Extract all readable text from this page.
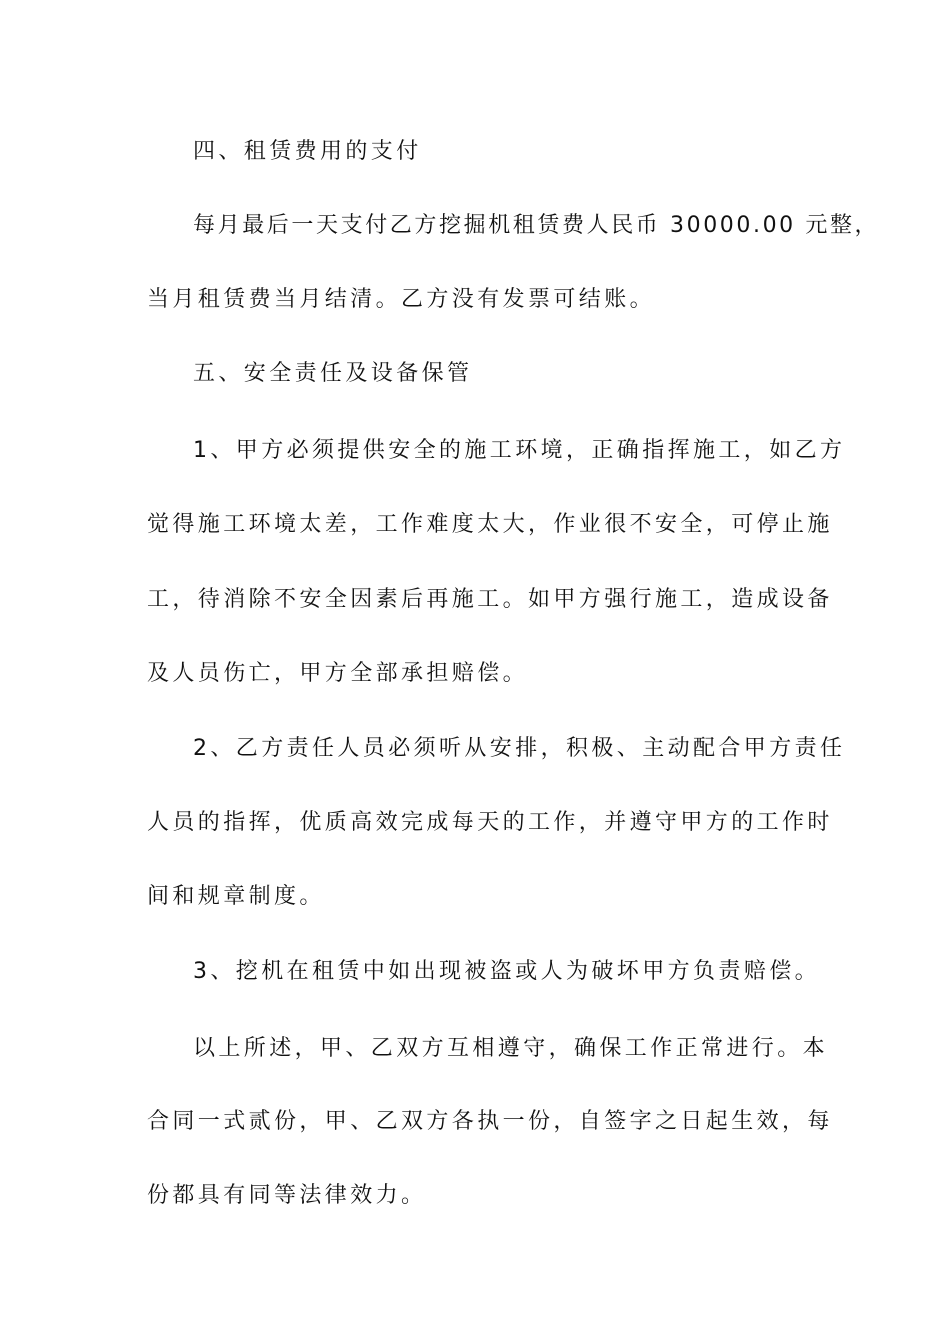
四、租赁费用的支付
每月最后一天支付乙方挖掘机租赁费人民币 30000.00 元整，
当月租赁费当月结清。乙方没有发票可结账。
五、安全责任及设备保管
1、甲方必须提供安全的施工环境，正确指挥施工，如乙方
觉得施工环境太差，工作难度太大，作业很不安全，可停止施
工，待消除不安全因素后再施工。如甲方强行施工，造成设备
及人员伤亡，甲方全部承担赔偿。
2、乙方责任人员必须听从安排，积极、主动配合甲方责任
人员的指挥，优质高效完成每天的工作，并遵守甲方的工作时
间和规章制度。
3、挖机在租赁中如出现被盗或人为破坏甲方负责赔偿。
以上所述，甲、乙双方互相遵守，确保工作正常进行。本
合同一式贰份，甲、乙双方各执一份，自签字之日起生效，每
份都具有同等法律效力。
